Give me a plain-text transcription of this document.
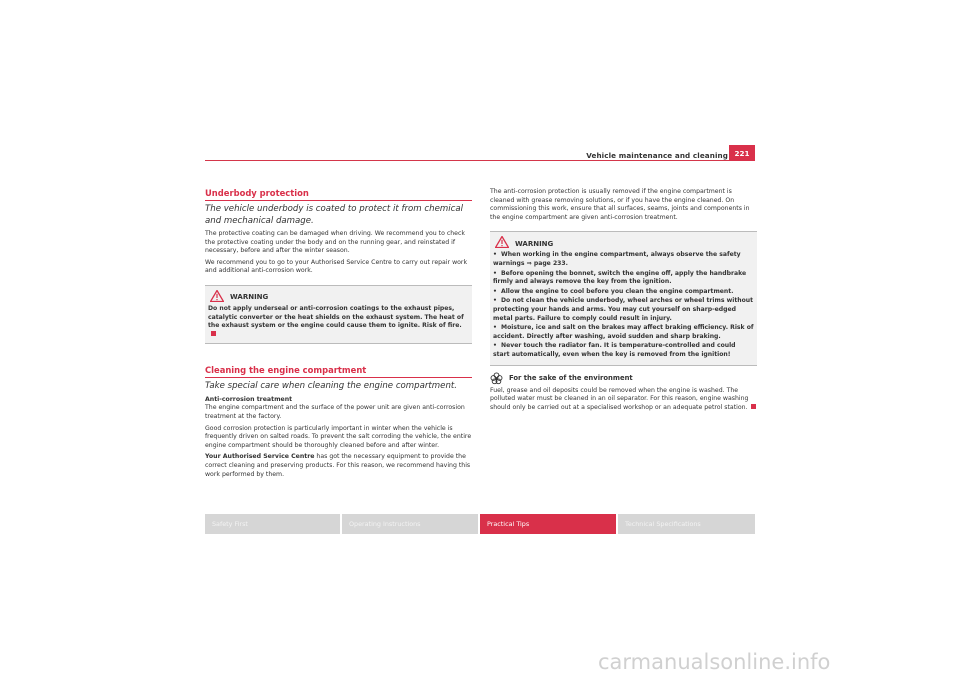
Vehicle maintenance and cleaning 221
Underbody protection
The vehicle underbody is coated to protect it from chemical and mechanical damage.

The protective coating can be damaged when driving. We recommend you to check the protective coating under the body and on the running gear, and reinstated if necessary, before and after the winter season.

We recommend you to go to your Authorised Service Centre to carry out repair work and additional anti-corrosion work.

WARNING
Do not apply underseal or anti-corrosion coatings to the exhaust pipes, catalytic converter or the heat shields on the exhaust system. The heat of the exhaust system or the engine could cause them to ignite. Risk of fire.
Cleaning the engine compartment
Take special care when cleaning the engine compartment.

Anti-corrosion treatment

The engine compartment and the surface of the power unit are given anti-corrosion treatment at the factory.

Good corrosion protection is particularly important in winter when the vehicle is frequently driven on salted roads. To prevent the salt corroding the vehicle, the entire engine compartment should be thoroughly cleaned before and after winter.

Your Authorised Service Centre has got the necessary equipment to provide the correct cleaning and preserving products. For this reason, we recommend having this work performed by them.

The anti-corrosion protection is usually removed if the engine compartment is cleaned with grease removing solutions, or if you have the engine cleaned. On commissioning this work, ensure that all surfaces, seams, joints and components in the engine compartment are given anti-corrosion treatment.

WARNING
• When working in the engine compartment, always observe the safety warnings ⇒ page 233.
• Before opening the bonnet, switch the engine off, apply the handbrake firmly and always remove the key from the ignition.
• Allow the engine to cool before you clean the engine compartment.
• Do not clean the vehicle underbody, wheel arches or wheel trims without protecting your hands and arms. You may cut yourself on sharp-edged metal parts. Failure to comply could result in injury.
• Moisture, ice and salt on the brakes may affect braking efficiency. Risk of accident. Directly after washing, avoid sudden and sharp braking.
• Never touch the radiator fan. It is temperature-controlled and could start automatically, even when the key is removed from the ignition!
For the sake of the environment

Fuel, grease and oil deposits could be removed when the engine is washed. The polluted water must be cleaned in an oil separator. For this reason, engine washing should only be carried out at a specialised workshop or an adequate petrol station.

Safety First	Operating Instructions	Practical Tips	Technical Specifications
carmanualsonline.info
